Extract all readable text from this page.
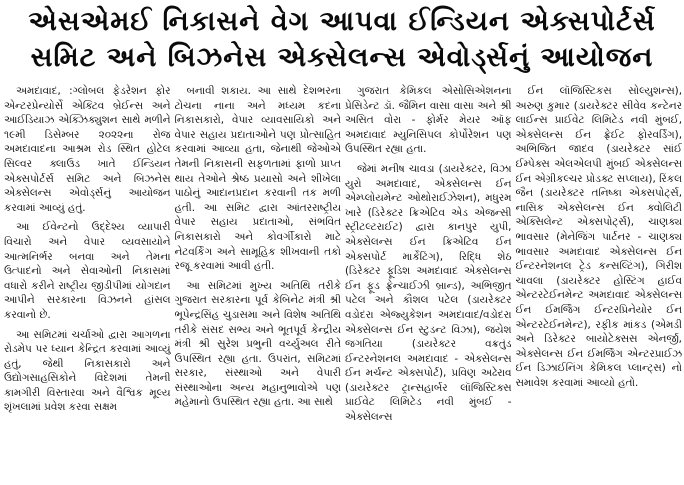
એસએમઈ નિકાસને વેગ આપવા ઈન્ડિયન એક્સપોર્ટર્સ
સમિટ અને બિઝનેસ એક્સેલન્સ એવોર્ડ્સનું આયોજન

અમદાવાદ, :ગ્લોબલ ફેડરેશન ફોર એન્ટરપ્રેન્યોર્સે એક્ટિવ બ્રેઈન્સ અને આઈડિયાઝ એક્ઝિક્યુશન સાથે મળીને ૧૯મી ડિસેમ્બર ૨૦૨૨ના રોજ અમદાવાદના આશ્રમ રોડ સ્થિત હોટેલ સિલ્વર ક્લાઉડ ખાતે ઈન્ડિયન એક્સપોર્ટર્સ સમિટ અને બિઝનેસ એક્સેલન્સ એવોર્ડ્સનું આયોજન કરવામાં આવ્યું હતું.

આ ઈવેન્ટનો ઉદ્દેશ્ય વ્યાપારી વિચારો અને વેપાર વ્યવસાયોને આત્મનિર્ભર બનવા અને તેમના ઉત્પાદનો અને સેવાઓની નિકાસમાં વધારો કરીને રાષ્ટ્રીય જીડીપીમાં યોગદાન આપીને સરકારના વિઝનને હાંસલ કરવાનો છે.

આ સમિટમાં ચર્ચાઓ દ્વારા આગળના રોડમેપ પર ધ્યાન કેન્દ્રિત કરવામાં આવ્યું હતું, જેથી નિકાસકારો અને ઉદ્યોગસાહસિકોને વિદેશમાં તેમની કામગીરી વિસ્તારવા અને વૈશ્વિક મૂલ્ય શૃંખલામાં પ્રવેશ કરવા સક્ષમ

બનાવી શકાય. આ સાથે દેશભરના ટોચના નાના અને મધ્યમ કદના નિકાસકારો, વેપાર વ્યાવસાયિકો અને વેપાર સહાય પ્રદાતાઓને પણ પ્રોત્સાહિત કરવામાં આવ્યા હતા, જેનાથી જેઓએ તેમની નિકાસની સફળતામાં ફાળો પ્રાપ્ત થાય તેઓને શ્રેષ્ઠ પ્રયાસો અને શીખેલા પાઠોનું આદાનપ્રદાન કરવાની તક મળી હતી. આ સમિટ દ્વારા આંતરરાષ્ટ્રીય વેપાર સહાય પ્રદાતાઓ, સંભવિત નિકાસકારો અને કોવર્ગીકારો માટે નેટવર્કિંગ અને સામૂહિક શીખવાની તકો રજૂ કરવામાં આવી હતી.

આ સમિટમાં મુખ્ય અતિથિ તરીકે ગુજરાત સરકારના પૂર્વ કેબિનેટ મંત્રી શ્રી ભૂપેન્દ્રસિંહ ચુડાસમા અને વિશેષ અતિથિ તરીકે સંસદ સભ્ય અને ભૂતપૂર્વ કેન્દ્રીય મંત્રી શ્રી સુરેશ પ્રભુની વર્ચ્યુઅલ રીતે ઉપસ્થિત રહ્યા હતા. ઉપરાંત, સમિટમાં સરકાર, સંસ્થાઓ અને વેપારી સંસ્થાઓના અન્ય મહાનુભાવોએ પણ મહેમાનો ઉપસ્થિત રહ્યા હતા. આ સાથે

ગુજરાત કેમિકલ એસોસિએશનના પ્રેસિડેન્ટ ડૉ. જૈમિન વાસા વાસા અને શ્રી અસિત વોરા - ફોર્મર મેયર ઑફ અમદાવાદ મ્યુનિસિપલ કોર્પોરેશન પણ ઉપસ્થિત રહ્યા હતા.

જેમાં મનીષ ચાવડા (ડાયરેક્ટર, વિઝા યુરો અમદાવાદ, એક્સેલન્સ ઈન એમ્પ્લોયમેન્ટ ઓથોરાઈઝેશન), મધુરમ ખારે (ડિરેક્ટર ક્રિએટિવ એડ એજન્સી સ્ટ્રીટલ્ટરાઈટ) દ્વારા કાનપુર યુપી, એક્સેલન્સ ઈન ક્રિએટિવ ઈન એક્સપોર્ટ માર્કેટિંગ), રિદ્ધિ શેઠ (ડિરેક્ટર ફૂડિશ અમદાવાદ એક્સેલન્સ ઈન ફૂડ ફ્રેન્ચાઈઝી બ્રાન્ડ), અભિજીત પટેલ અને કૌશલ પટેલ (ડાયરેક્ટર વડોદરા એજ્યુકેશન અમદાવાદ/વડોદરા એક્સેલન્સ ઈન સ્ટુડન્ટ વિઝા), જયેશ જગતિયા (ડાયરેક્ટર વક્રતુંડ ઈન્ટરનેશનલ અમદાવાદ - એક્સેલન્સ ઈન મર્ચન્ટ એક્સપોર્ટ), પ્રવિણ અઢેરાવ (ડાયરેક્ટર ટ્રાન્સહાર્બર લૉજિસ્ટિક્સ પ્રાઈવેટ લિમિટેડ નવી મુંબઈ - એક્સેલન્સ

ઈન લૉજિસ્ટિકસ સોલ્યુશન્સ), અરુણ કુમાર (ડાયરેક્ટર સીવેવ કન્ટેનર લાઈન્સ પ્રાઈવેટ લિમિટેડ નવી મુંબઈ, એક્સેલન્સ ઈન ફ્રેઈટ ફોરવર્ડિંગ), અભિજિત જાદવ (ડાયરેક્ટર સાંઈ ઈમ્પેક્સ એલએલપી મુંબઈ એક્સેલન્સ ઈન એગ્રીકલ્ચર પ્રોડક્ટ સપ્લાય), રિંકલ જૈન (ડાયરેક્ટર તનિષ્કા એક્સપોર્ટ્સ, નાસિક એક્સેલન્સ ઈન ક્વોલિટી એક્સિલેન્ટ એક્સપોર્ટ્સ), ચાણક્ય ભાવસાર (મેનેજિંગ પાર્ટનર - ચાણક્ય ભાવસાર અમદાવાદ એક્સેલન્સ ઈન ઈન્ટરનેશનલ ટ્રેડ કન્સલ્ટિંગ), ગિરીશ ચાવલા (ડાયરેક્ટર હોસ્ટિંગ હાઈવ એન્ટરટેઈનમેન્ટ અમદાવાદ એક્સેલન્સ ઈન ઈમર્જિંગ ઈન્ટરપ્રિનેયોર ઈન એન્ટરટેઈનમેન્ટ), રફીક માંકડ (એમડી અને ડિરેક્ટર બાયોટેક્સસ એનર્જી, એક્સેલન્સ ઈન ઈમર્જિંગ એન્ટરપ્રાઈઝ ઈન ડિઝાઈનિંગ કેમિકલ પ્લાન્ટ્સ) નો સમાવેશ કરવામાં આવ્યો હતો.
